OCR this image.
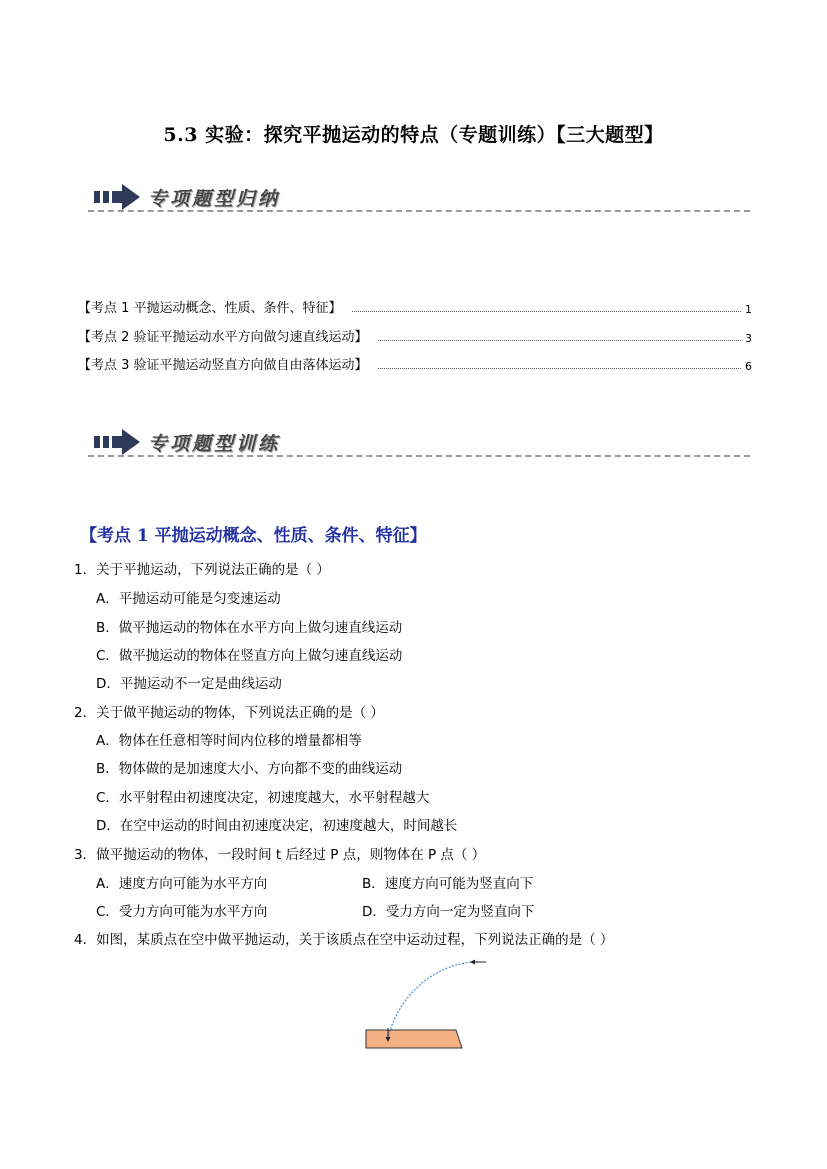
5.3 实验：探究平抛运动的特点（专题训练）【三大题型】
专项题型归纳
【考点 1 平抛运动概念、性质、条件、特征】	1
【考点 2 验证平抛运动水平方向做匀速直线运动】	3
【考点 3 验证平抛运动竖直方向做自由落体运动】	6
专项题型训练
【考点 1 平抛运动概念、性质、条件、特征】
1．关于平抛运动，下列说法正确的是（ ）
A．平抛运动可能是匀变速运动
B．做平抛运动的物体在水平方向上做匀速直线运动
C．做平抛运动的物体在竖直方向上做匀速直线运动
D．平抛运动不一定是曲线运动
2．关于做平抛运动的物体，下列说法正确的是（ ）
A．物体在任意相等时间内位移的增量都相等
B．物体做的是加速度大小、方向都不变的曲线运动
C．水平射程由初速度决定，初速度越大，水平射程越大
D．在空中运动的时间由初速度决定，初速度越大，时间越长
3．做平抛运动的物体，一段时间 t 后经过 P 点，则物体在 P 点（ ）
A．速度方向可能为水平方向	B．速度方向可能为竖直向下
C．受力方向可能为水平方向	D．受力方向一定为竖直向下
4．如图，某质点在空中做平抛运动，关于该质点在空中运动过程，下列说法正确的是（ ）
